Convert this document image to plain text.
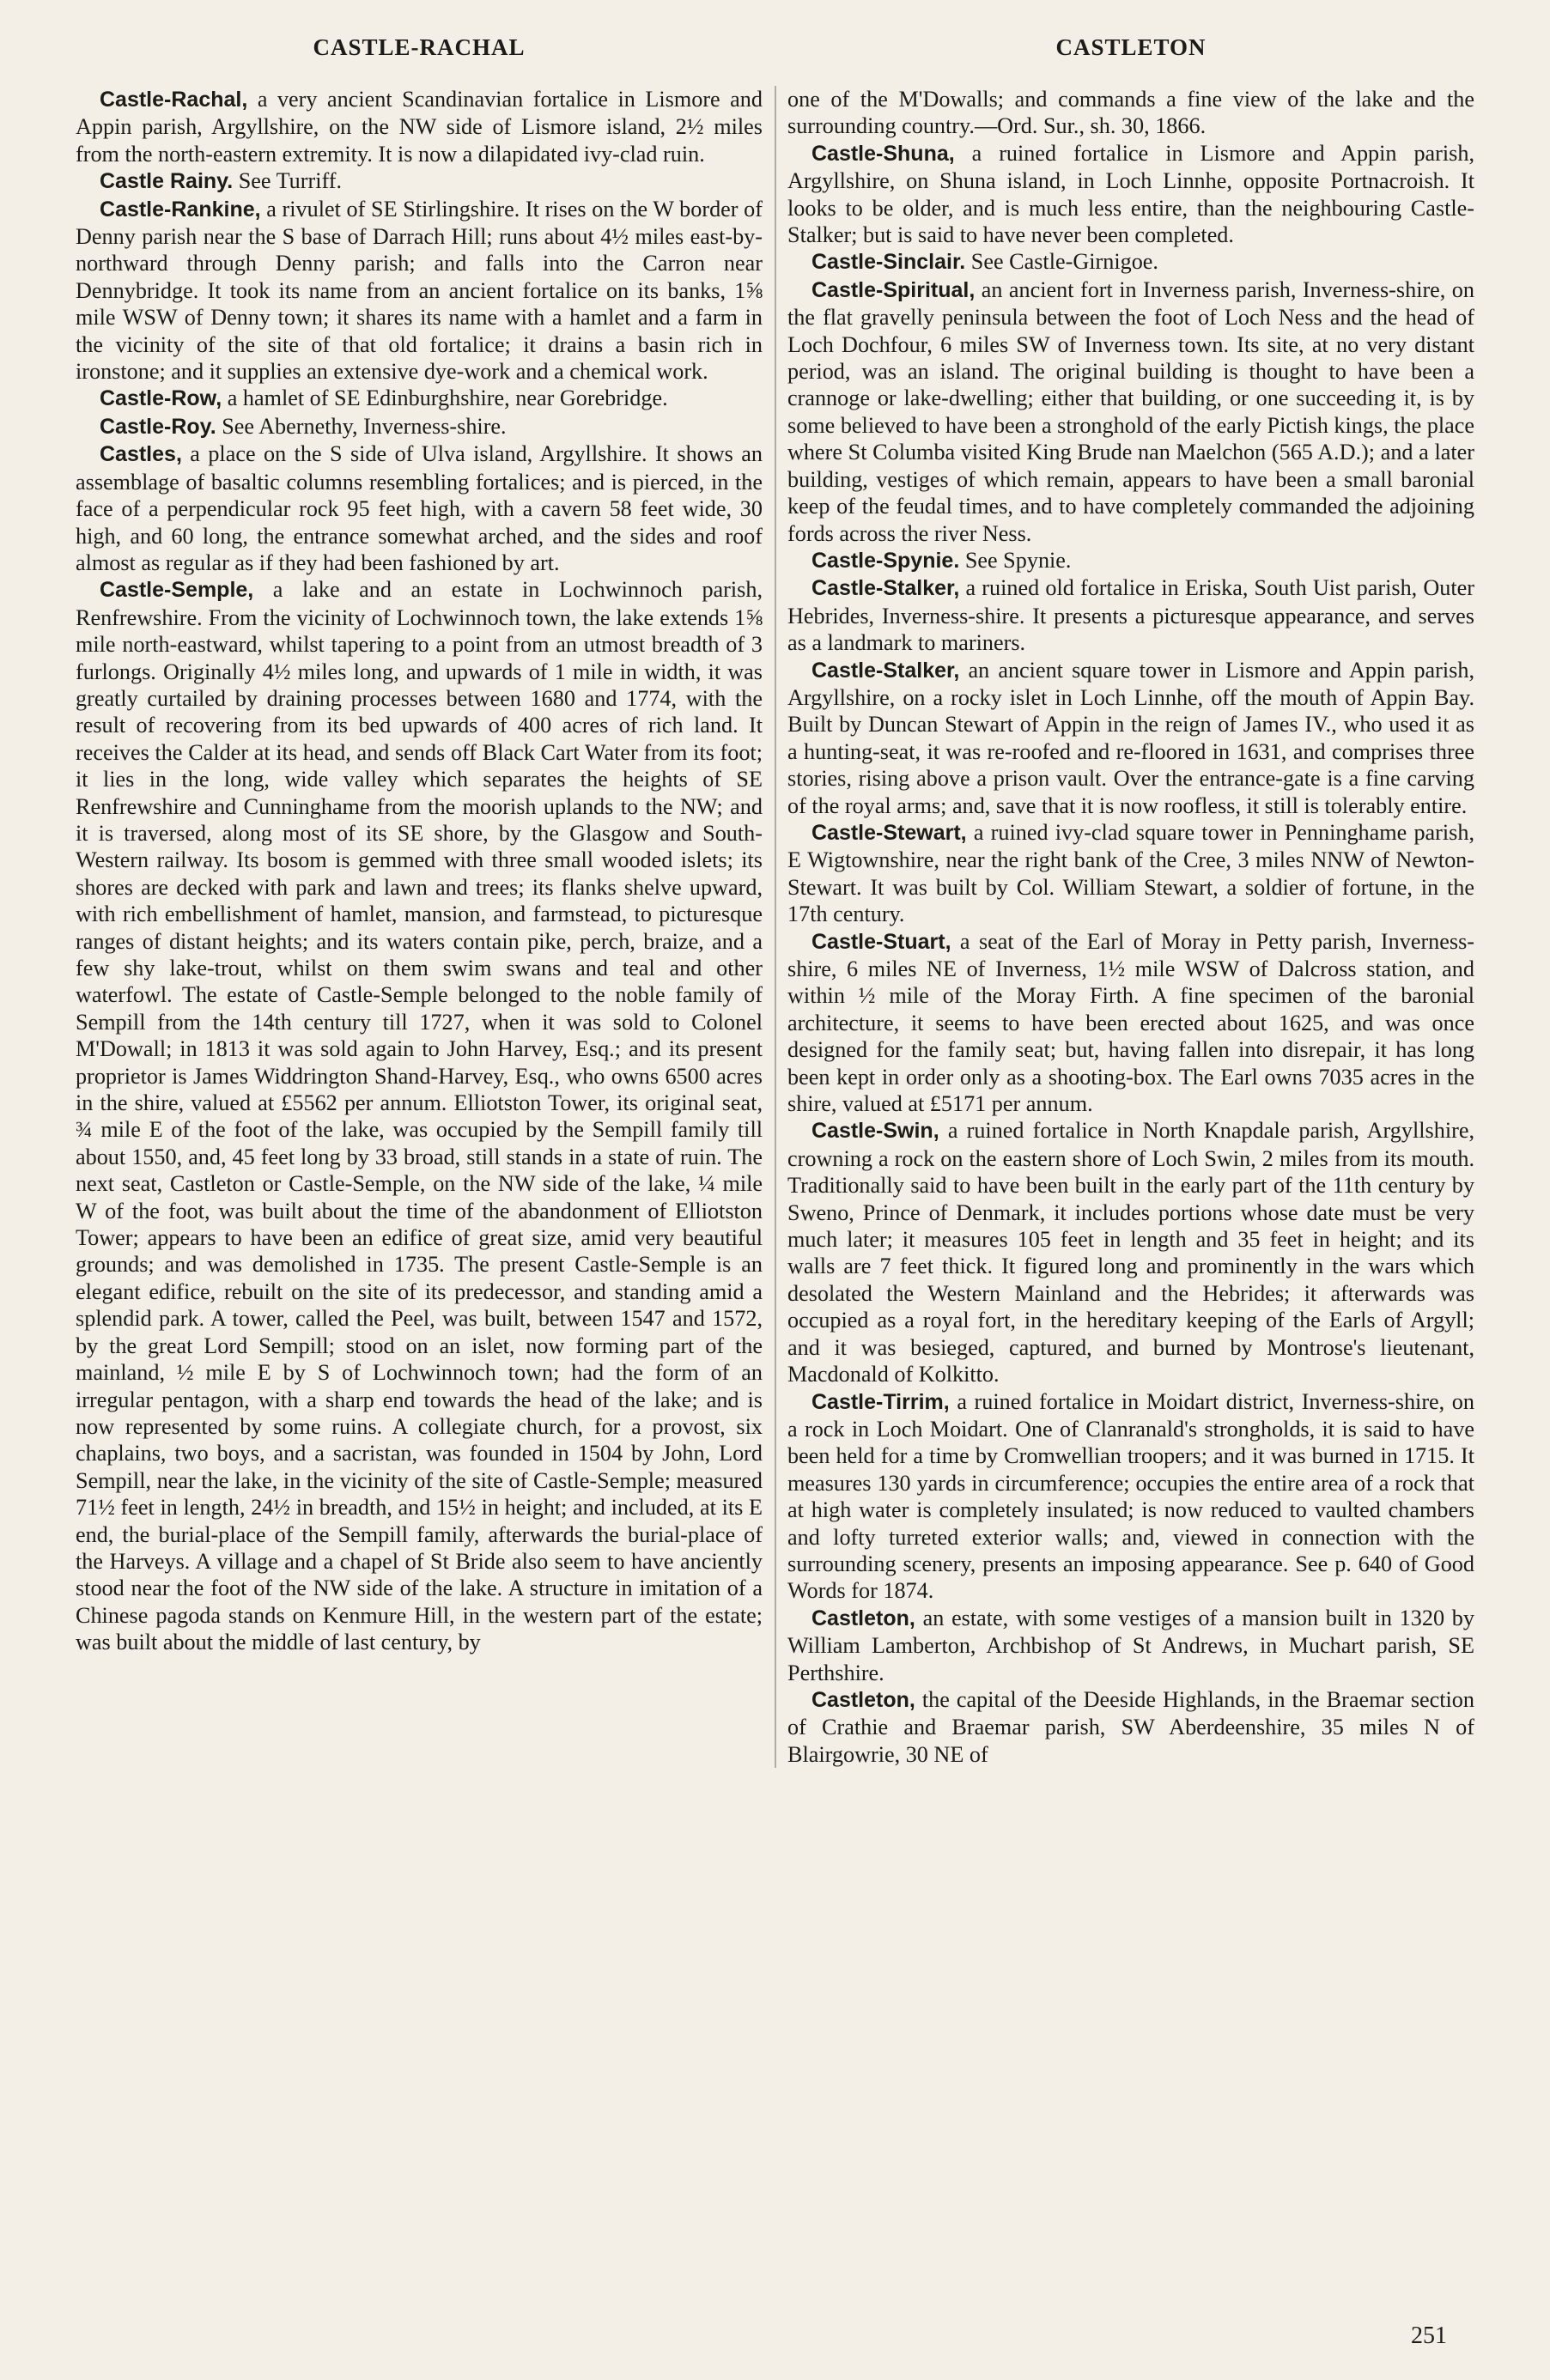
CASTLE-RACHAL	CASTLETON

Castle-Rachal, a very ancient Scandinavian fortalice in Lismore and Appin parish, Argyllshire, on the NW side of Lismore island, 2½ miles from the north-eastern extremity. It is now a dilapidated ivy-clad ruin.

Castle Rainy. See Turriff.

Castle-Rankine, a rivulet of SE Stirlingshire. It rises on the W border of Denny parish near the S base of Darrach Hill; runs about 4½ miles east-by-northward through Denny parish; and falls into the Carron near Dennybridge. It took its name from an ancient fortalice on its banks, 1⅝ mile WSW of Denny town; it shares its name with a hamlet and a farm in the vicinity of the site of that old fortalice; it drains a basin rich in ironstone; and it supplies an extensive dye-work and a chemical work.

Castle-Row, a hamlet of SE Edinburghshire, near Gorebridge.

Castle-Roy. See Abernethy, Inverness-shire.

Castles, a place on the S side of Ulva island, Argyllshire. It shows an assemblage of basaltic columns resembling fortalices; and is pierced, in the face of a perpendicular rock 95 feet high, with a cavern 58 feet wide, 30 high, and 60 long, the entrance somewhat arched, and the sides and roof almost as regular as if they had been fashioned by art.

Castle-Semple, a lake and an estate in Lochwinnoch parish, Renfrewshire. From the vicinity of Lochwinnoch town, the lake extends 1⅝ mile north-eastward, whilst tapering to a point from an utmost breadth of 3 furlongs. Originally 4½ miles long, and upwards of 1 mile in width, it was greatly curtailed by draining processes between 1680 and 1774, with the result of recovering from its bed upwards of 400 acres of rich land. It receives the Calder at its head, and sends off Black Cart Water from its foot; it lies in the long, wide valley which separates the heights of SE Renfrewshire and Cunninghame from the moorish uplands to the NW; and it is traversed, along most of its SE shore, by the Glasgow and South-Western railway. Its bosom is gemmed with three small wooded islets; its shores are decked with park and lawn and trees; its flanks shelve upward, with rich embellishment of hamlet, mansion, and farmstead, to picturesque ranges of distant heights; and its waters contain pike, perch, braize, and a few shy lake-trout, whilst on them swim swans and teal and other waterfowl. The estate of Castle-Semple belonged to the noble family of Sempill from the 14th century till 1727, when it was sold to Colonel M'Dowall; in 1813 it was sold again to John Harvey, Esq.; and its present proprietor is James Widdrington Shand-Harvey, Esq., who owns 6500 acres in the shire, valued at £5562 per annum. Elliotston Tower, its original seat, ¾ mile E of the foot of the lake, was occupied by the Sempill family till about 1550, and, 45 feet long by 33 broad, still stands in a state of ruin. The next seat, Castleton or Castle-Semple, on the NW side of the lake, ¼ mile W of the foot, was built about the time of the abandonment of Elliotston Tower; appears to have been an edifice of great size, amid very beautiful grounds; and was demolished in 1735. The present Castle-Semple is an elegant edifice, rebuilt on the site of its predecessor, and standing amid a splendid park. A tower, called the Peel, was built, between 1547 and 1572, by the great Lord Sempill; stood on an islet, now forming part of the mainland, ½ mile E by S of Lochwinnoch town; had the form of an irregular pentagon, with a sharp end towards the head of the lake; and is now represented by some ruins. A collegiate church, for a provost, six chaplains, two boys, and a sacristan, was founded in 1504 by John, Lord Sempill, near the lake, in the vicinity of the site of Castle-Semple; measured 71½ feet in length, 24½ in breadth, and 15½ in height; and included, at its E end, the burial-place of the Sempill family, afterwards the burial-place of the Harveys. A village and a chapel of St Bride also seem to have anciently stood near the foot of the NW side of the lake. A structure in imitation of a Chinese pagoda stands on Kenmure Hill, in the western part of the estate; was built about the middle of last century, by

one of the M'Dowalls; and commands a fine view of the lake and the surrounding country.—Ord. Sur., sh. 30, 1866.

Castle-Shuna, a ruined fortalice in Lismore and Appin parish, Argyllshire, on Shuna island, in Loch Linnhe, opposite Portnacroish. It looks to be older, and is much less entire, than the neighbouring Castle-Stalker; but is said to have never been completed.

Castle-Sinclair. See Castle-Girnigoe.

Castle-Spiritual, an ancient fort in Inverness parish, Inverness-shire, on the flat gravelly peninsula between the foot of Loch Ness and the head of Loch Dochfour, 6 miles SW of Inverness town. Its site, at no very distant period, was an island. The original building is thought to have been a crannoge or lake-dwelling; either that building, or one succeeding it, is by some believed to have been a stronghold of the early Pictish kings, the place where St Columba visited King Brude nan Maelchon (565 A.D.); and a later building, vestiges of which remain, appears to have been a small baronial keep of the feudal times, and to have completely commanded the adjoining fords across the river Ness.

Castle-Spynie. See Spynie.

Castle-Stalker, a ruined old fortalice in Eriska, South Uist parish, Outer Hebrides, Inverness-shire. It presents a picturesque appearance, and serves as a landmark to mariners.

Castle-Stalker, an ancient square tower in Lismore and Appin parish, Argyllshire, on a rocky islet in Loch Linnhe, off the mouth of Appin Bay. Built by Duncan Stewart of Appin in the reign of James IV., who used it as a hunting-seat, it was re-roofed and re-floored in 1631, and comprises three stories, rising above a prison vault. Over the entrance-gate is a fine carving of the royal arms; and, save that it is now roofless, it still is tolerably entire.

Castle-Stewart, a ruined ivy-clad square tower in Penninghame parish, E Wigtownshire, near the right bank of the Cree, 3 miles NNW of Newton-Stewart. It was built by Col. William Stewart, a soldier of fortune, in the 17th century.

Castle-Stuart, a seat of the Earl of Moray in Petty parish, Inverness-shire, 6 miles NE of Inverness, 1½ mile WSW of Dalcross station, and within ½ mile of the Moray Firth. A fine specimen of the baronial architecture, it seems to have been erected about 1625, and was once designed for the family seat; but, having fallen into disrepair, it has long been kept in order only as a shooting-box. The Earl owns 7035 acres in the shire, valued at £5171 per annum.

Castle-Swin, a ruined fortalice in North Knapdale parish, Argyllshire, crowning a rock on the eastern shore of Loch Swin, 2 miles from its mouth. Traditionally said to have been built in the early part of the 11th century by Sweno, Prince of Denmark, it includes portions whose date must be very much later; it measures 105 feet in length and 35 feet in height; and its walls are 7 feet thick. It figured long and prominently in the wars which desolated the Western Mainland and the Hebrides; it afterwards was occupied as a royal fort, in the hereditary keeping of the Earls of Argyll; and it was besieged, captured, and burned by Montrose's lieutenant, Macdonald of Kolkitto.

Castle-Tirrim, a ruined fortalice in Moidart district, Inverness-shire, on a rock in Loch Moidart. One of Clanranald's strongholds, it is said to have been held for a time by Cromwellian troopers; and it was burned in 1715. It measures 130 yards in circumference; occupies the entire area of a rock that at high water is completely insulated; is now reduced to vaulted chambers and lofty turreted exterior walls; and, viewed in connection with the surrounding scenery, presents an imposing appearance. See p. 640 of Good Words for 1874.

Castleton, an estate, with some vestiges of a mansion built in 1320 by William Lamberton, Archbishop of St Andrews, in Muchart parish, SE Perthshire.

Castleton, the capital of the Deeside Highlands, in the Braemar section of Crathie and Braemar parish, SW Aberdeenshire, 35 miles N of Blairgowrie, 30 NE of

251
